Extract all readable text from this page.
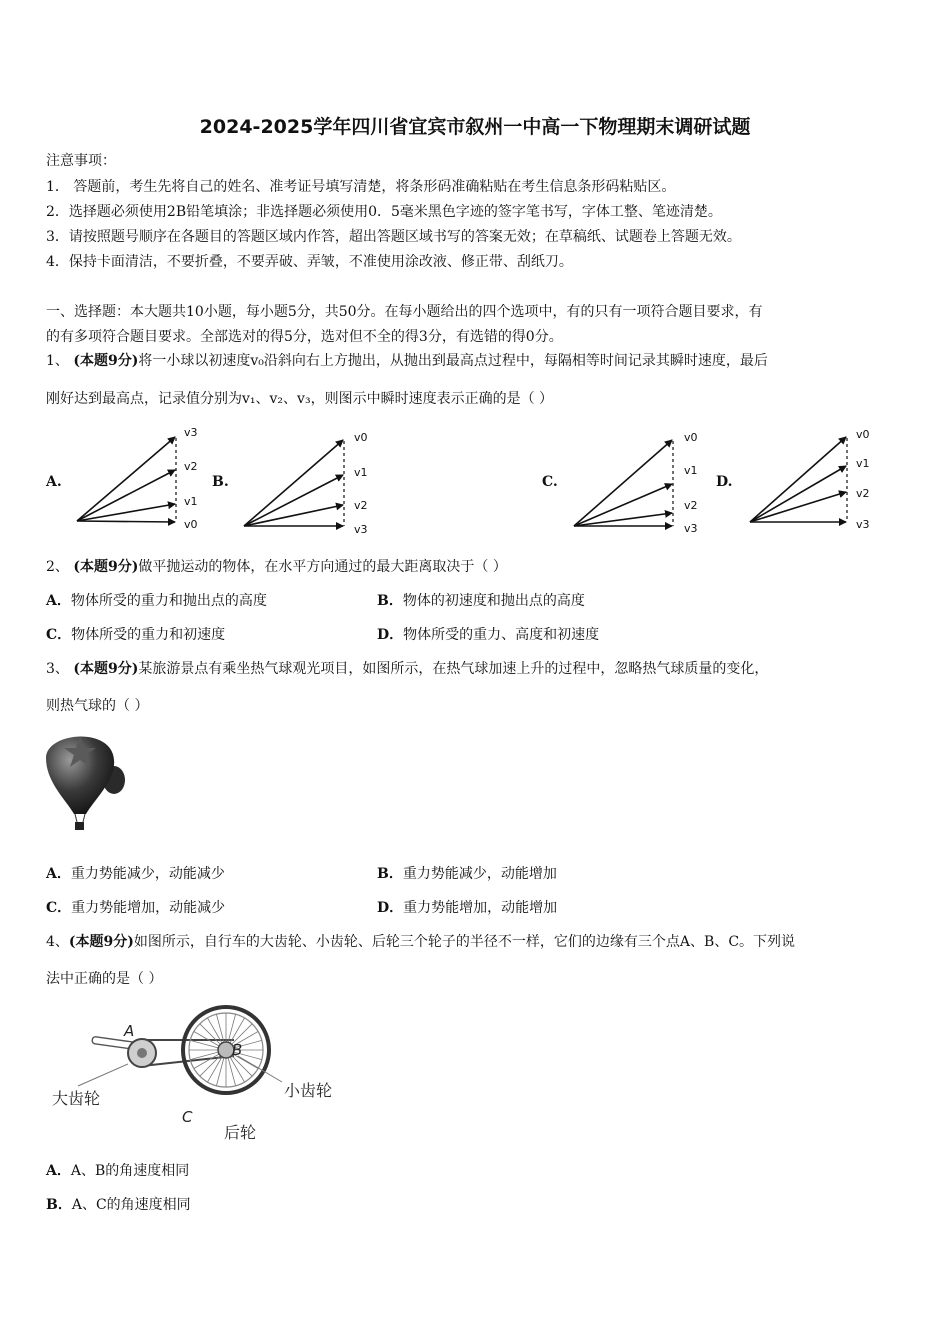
2024-2025学年四川省宜宾市叙州一中高一下物理期末调研试题
注意事项：
1． 答题前，考生先将自己的姓名、准考证号填写清楚，将条形码准确粘贴在考生信息条形码粘贴区。
2．选择题必须使用2B铅笔填涂；非选择题必须使用0．5毫米黑色字迹的签字笔书写，字体工整、笔迹清楚。
3．请按照题号顺序在各题目的答题区域内作答，超出答题区域书写的答案无效；在草稿纸、试题卷上答题无效。
4．保持卡面清洁，不要折叠，不要弄破、弄皱，不准使用涂改液、修正带、刮纸刀。
一、选择题：本大题共10小题，每小题5分，共50分。在每小题给出的四个选项中，有的只有一项符合题目要求，有
的有多项符合题目要求。全部选对的得5分，选对但不全的得3分，有选错的得0分。
1、 (本题9分)将一小球以初速度v₀沿斜向右上方抛出，从抛出到最高点过程中，每隔相等时间记录其瞬时速度，最后
刚好达到最高点，记录值分别为v₁、v₂、v₃，则图示中瞬时速度表示正确的是（ ）
A.	B.	C.	D.
v3
v2
v1
v0
v0
v1
v2
v3
v0
v1
v2
v3
v0
v1
v2
v3
2、 (本题9分)做平抛运动的物体，在水平方向通过的最大距离取决于（ ）
A．物体所受的重力和抛出点的高度	B．物体的初速度和抛出点的高度
C．物体所受的重力和初速度	D．物体所受的重力、高度和初速度
3、 (本题9分)某旅游景点有乘坐热气球观光项目，如图所示，在热气球加速上升的过程中，忽略热气球质量的变化，
则热气球的（ ）
A．重力势能减少，动能减少	B．重力势能减少，动能增加
C．重力势能增加，动能减少	D．重力势能增加，动能增加
4、(本题9分)如图所示，自行车的大齿轮、小齿轮、后轮三个轮子的半径不一样，它们的边缘有三个点A、B、C。下列说
法中正确的是（ ）
A
B
C
大齿轮	小齿轮
后轮
A．A、B的角速度相同
B．A、C的角速度相同
